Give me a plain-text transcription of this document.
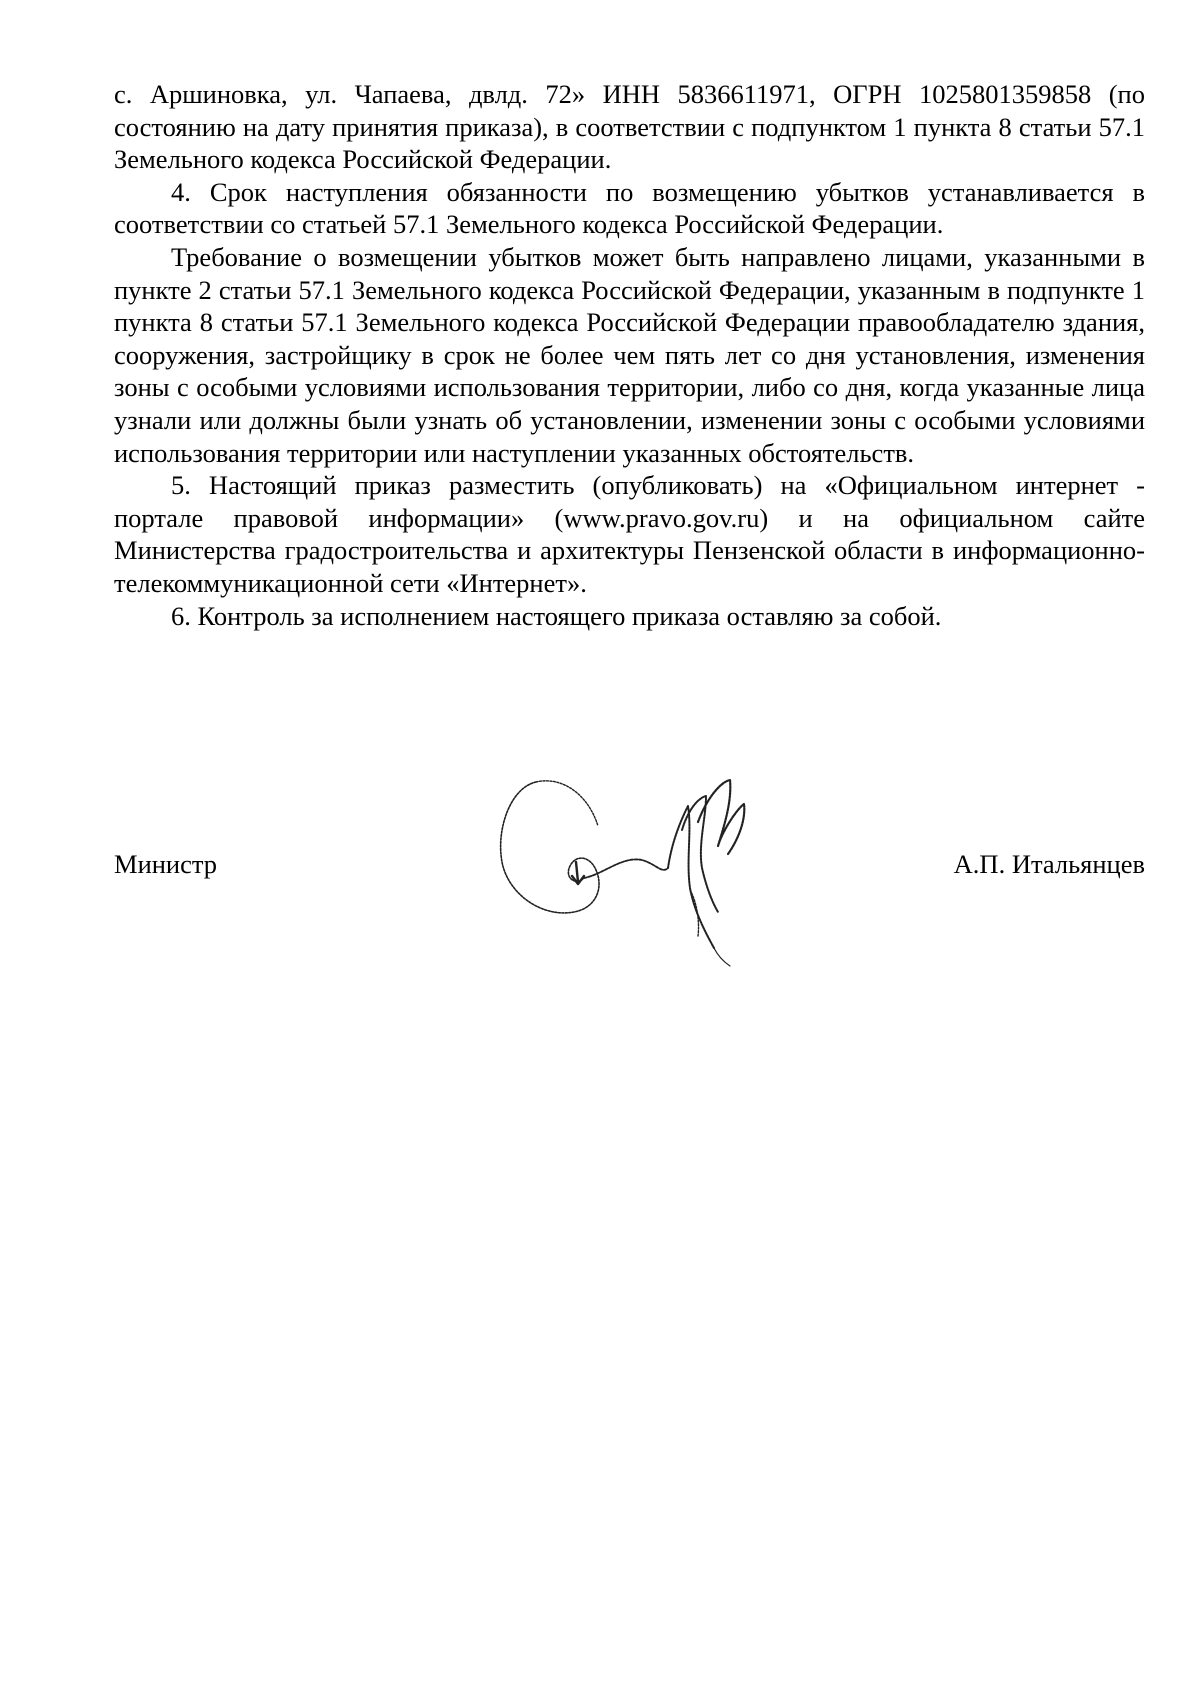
с. Аршиновка, ул. Чапаева, двлд. 72» ИНН 5836611971, ОГРН 1025801359858 (по состоянию на дату принятия приказа), в соответствии с подпунктом 1 пункта 8 статьи 57.1 Земельного кодекса Российской Федерации.

4. Срок наступления обязанности по возмещению убытков устанавливается в соответствии со статьей 57.1 Земельного кодекса Российской Федерации.

Требование о возмещении убытков может быть направлено лицами, указанными в пункте 2 статьи 57.1 Земельного кодекса Российской Федерации, указанным в подпункте 1 пункта 8 статьи 57.1 Земельного кодекса Российской Федерации правообладателю здания, сооружения, застройщику в срок не более чем пять лет со дня установления, изменения зоны с особыми условиями использования территории, либо со дня, когда указанные лица узнали или должны были узнать об установлении, изменении зоны с особыми условиями использования территории или наступлении указанных обстоятельств.

5. Настоящий приказ разместить (опубликовать) на «Официальном интернет - портале правовой информации» (www.pravo.gov.ru) и на официальном сайте Министерства градостроительства и архитектуры Пензенской области в информационно-телекоммуникационной сети «Интернет».

6. Контроль за исполнением настоящего приказа оставляю за собой.

Министр	А.П. Итальянцев
